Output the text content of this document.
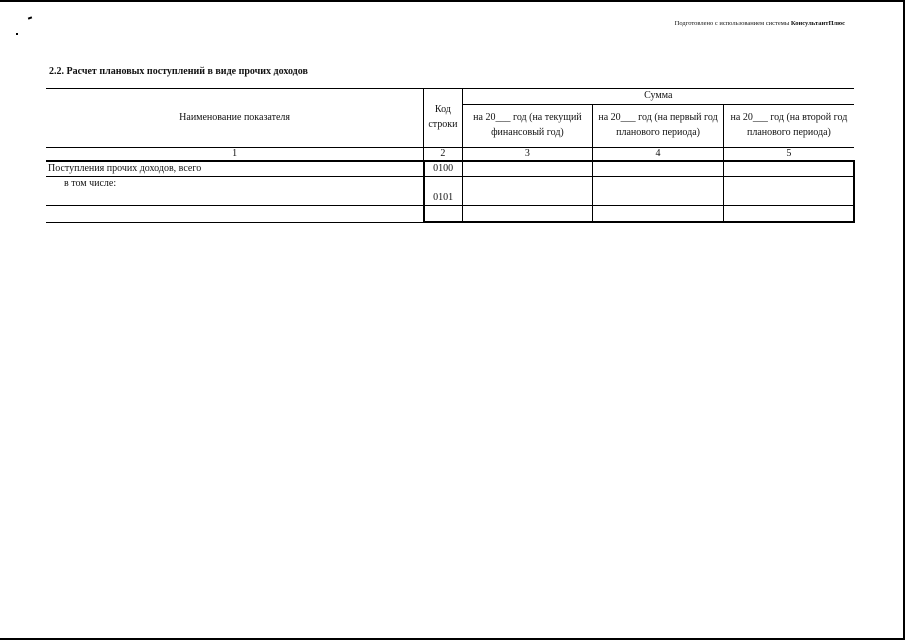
Подготовлено с использованием системы КонсультантПлюс
2.2. Расчет плановых поступлений в виде прочих доходов
Наименование показателя	Код строки	Сумма		
		на 20___ год (на текущий финансовый год)	на 20___ год (на первый год планового периода)	на 20___ год (на второй год планового периода)
1	2	3	4	5
Поступления прочих доходов, всего	0100			
в том числе:	0101			
